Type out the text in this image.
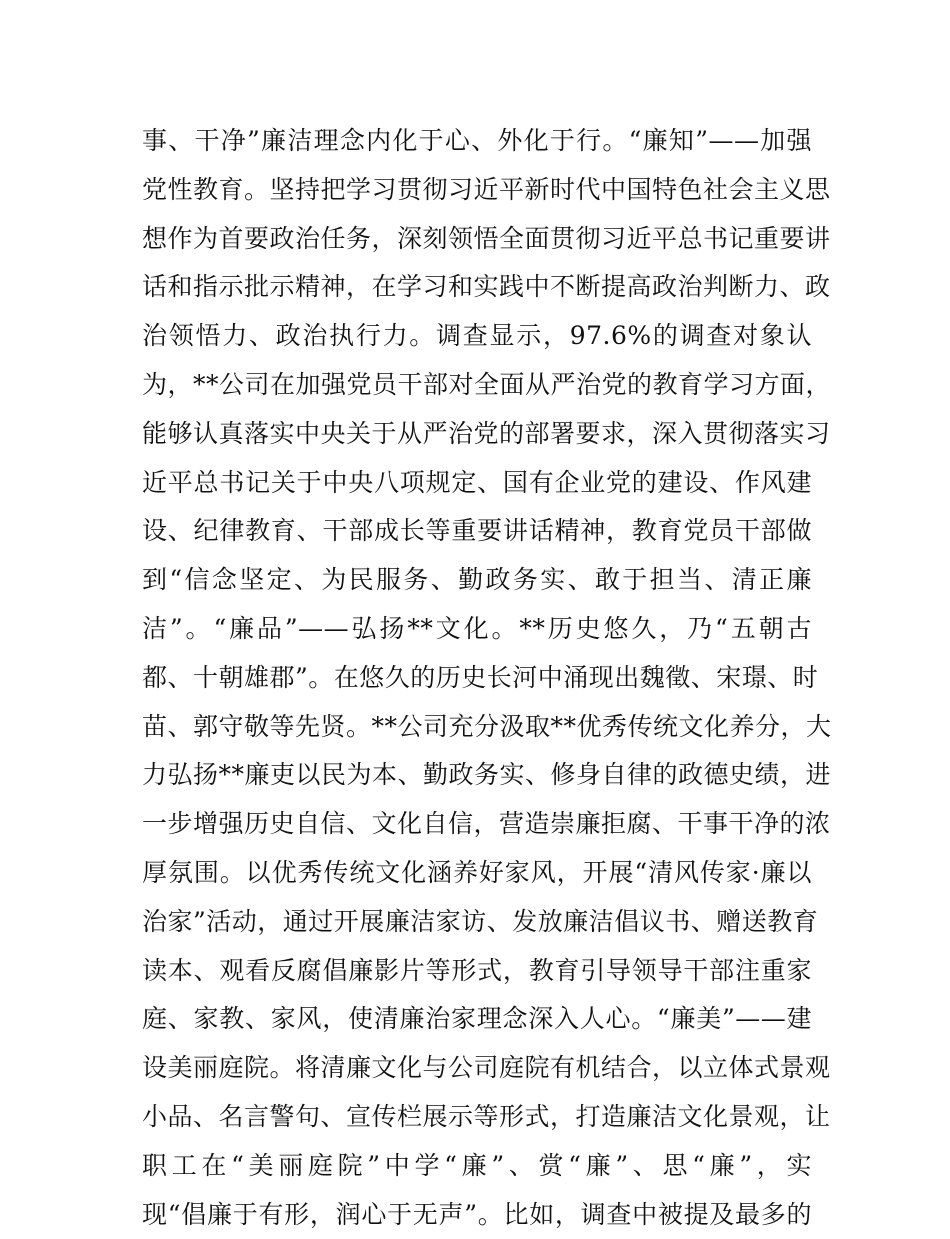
事、干净”廉洁理念内化于心、外化于行。“廉知”——加强
党性教育。坚持把学习贯彻习近平新时代中国特色社会主义思
想作为首要政治任务，深刻领悟全面贯彻习近平总书记重要讲
话和指示批示精神，在学习和实践中不断提高政治判断力、政
治领悟力、政治执行力。调查显示，97.6%的调查对象认
为，**公司在加强党员干部对全面从严治党的教育学习方面，
能够认真落实中央关于从严治党的部署要求，深入贯彻落实习
近平总书记关于中央八项规定、国有企业党的建设、作风建
设、纪律教育、干部成长等重要讲话精神，教育党员干部做
到“信念坚定、为民服务、勤政务实、敢于担当、清正廉
洁”。“廉品”——弘扬**文化。**历史悠久，乃“五朝古
都、十朝雄郡”。在悠久的历史长河中涌现出魏徵、宋璟、时
苗、郭守敬等先贤。**公司充分汲取**优秀传统文化养分，大
力弘扬**廉吏以民为本、勤政务实、修身自律的政德史绩，进
一步增强历史自信、文化自信，营造崇廉拒腐、干事干净的浓
厚氛围。以优秀传统文化涵养好家风，开展“清风传家·廉以
治家”活动，通过开展廉洁家访、发放廉洁倡议书、赠送教育
读本、观看反腐倡廉影片等形式，教育引导领导干部注重家
庭、家教、家风，使清廉治家理念深入人心。“廉美”——建
设美丽庭院。将清廉文化与公司庭院有机结合，以立体式景观
小品、名言警句、宣传栏展示等形式，打造廉洁文化景观，让
职工在“美丽庭院”中学“廉”、赏“廉”、思“廉”，实
现“倡廉于有形，润心于无声”。比如，调查中被提及最多的
